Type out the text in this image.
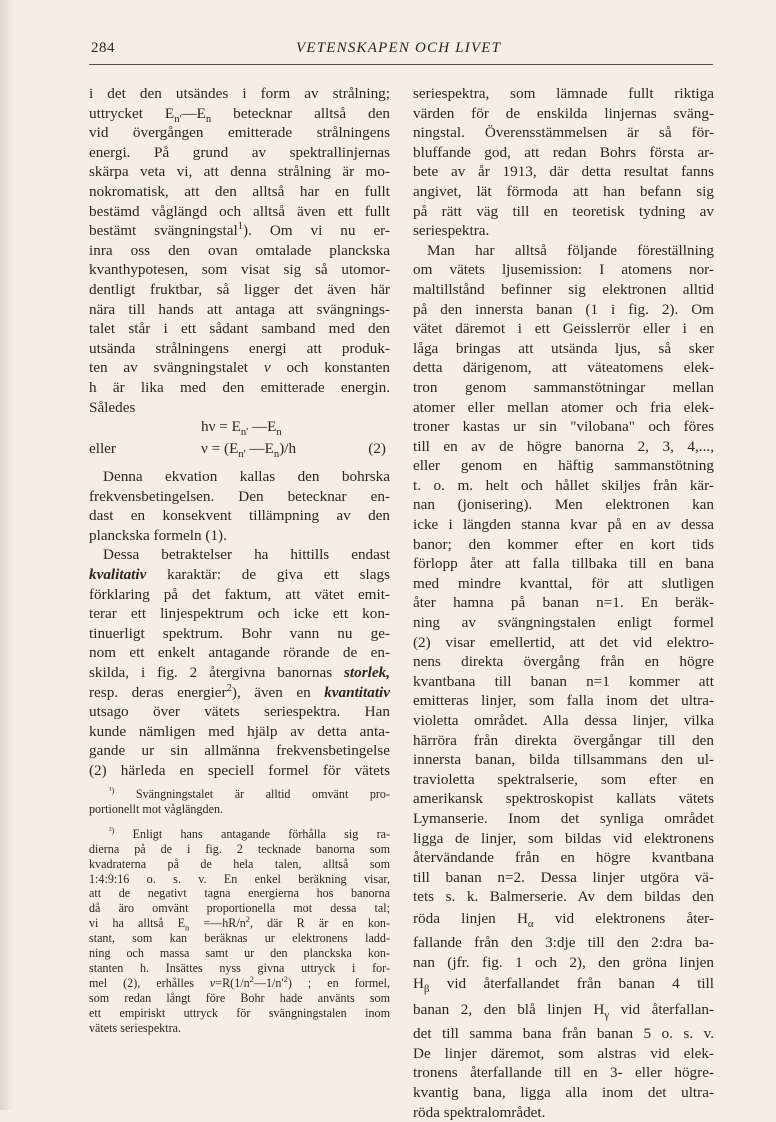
284	VETENSKAPEN OCH LIVET

i det den utsändes i form av strålning;
uttrycket $E_{n'}—E_n$ betecknar alltså den
vid övergången emitterade strålningens
energi. På grund av spektrallinjernas
skärpa veta vi, att denna strålning är mo-
nokromatisk, att den alltså har en fullt
bestämd våglängd och alltså även ett fullt
bestämt svängningstal$^1$). Om vi nu er-
inra oss den ovan omtalade planckska
kvanthypotesen, som visat sig så utomor-
dentligt fruktbar, så ligger det även här
nära till hands att antaga att svängnings-
talet står i ett sådant samband med den
utsända strålningens energi att produk-
ten av svängningstalet ν och konstanten
h är lika med den emitterade energin.
Således

$h\nu = E_{n'}$ $—E_n$
eller	$\nu = (E_{n'}$ $—E_n)/h$	(2)

Denna ekvation kallas den bohrska
frekvensbetingelsen. Den betecknar en-
dast en konsekvent tillämpning av den
planckska formeln (1).

Dessa betraktelser ha hittills endast
kvalitativ karaktär: de giva ett slags
förklaring på det faktum, att vätet emit-
terar ett linjespektrum och icke ett kon-
tinuerligt spektrum. Bohr vann nu ge-
nom ett enkelt antagande rörande de en-
skilda, i fig. 2 återgivna banornas storlek,
resp. deras energier$^2$), även en kvantitativ
utsago över vätets seriespektra. Han
kunde nämligen med hjälp av detta anta-
gande ur sin allmänna frekvensbetingelse
(2) härleda en speciell formel för vätets

$^{^1)}$ Svängningstalet är alltid omvänt pro-
portionellt mot våglängden.

$^{^2)}$ Enligt hans antagande förhålla sig ra-
dierna på de i fig. 2 tecknade banorna som
kvadraterna på de hela talen, alltså som
1:4:9:16 o. s. v. En enkel beräkning visar,
att de negativt tagna energierna hos banorna
då äro omvänt proportionella mot dessa tal;
vi ha alltså $E_n$ $=—hR/n^2$, där R är en kon-
stant, som kan beräknas ur elektronens ladd-
ning och massa samt ur den planckska kon-
stanten h. Insättes nyss givna uttryck i for-
mel (2), erhålles $\nu=R(1/n^2—1/n'^2)$ ; en formel,
som redan långt före Bohr hade använts som
ett empiriskt uttryck för svängningstalen inom
vätets seriespektra.

seriespektra, som lämnade fullt riktiga
värden för de enskilda linjernas sväng-
ningstal. Överensstämmelsen är så för-
bluffande god, att redan Bohrs första ar-
bete av år 1913, där detta resultat fanns
angivet, lät förmoda att han befann sig
på rätt väg till en teoretisk tydning av
seriespektra.

Man har alltså följande föreställning
om vätets ljusemission: I atomens nor-
maltillstånd befinner sig elektronen alltid
på den innersta banan (1 i fig. 2). Om
vätet däremot i ett Geisslerrör eller i en
låga bringas att utsända ljus, så sker
detta därigenom, att väteatomens elek-
tron genom sammanstötningar mellan
atomer eller mellan atomer och fria elek-
troner kastas ur sin "vilobana" och föres
till en av de högre banorna 2, 3, 4,...,
eller genom en häftig sammanstötning
t. o. m. helt och hållet skiljes från kär-
nan (jonisering). Men elektronen kan
icke i längden stanna kvar på en av dessa
banor; den kommer efter en kort tids
förlopp åter att falla tillbaka till en bana
med mindre kvanttal, för att slutligen
åter hamna på banan n=1. En beräk-
ning av svängningstalen enligt formel
(2) visar emellertid, att det vid elektro-
nens direkta övergång från en högre
kvantbana till banan n=1 kommer att
emitteras linjer, som falla inom det ultra-
violetta området. Alla dessa linjer, vilka
härröra från direkta övergångar till den
innersta banan, bilda tillsammans den ul-
travioletta spektralserie, som efter en
amerikansk spektroskopist kallats vätets
Lymanserie. Inom det synliga området
ligga de linjer, som bildas vid elektronens
återvändande från en högre kvantbana
till banan n=2. Dessa linjer utgöra vä-
tets s. k. Balmerserie. Av dem bildas den
röda linjen $H_\alpha$ vid elektronens åter-
fallande från den 3:dje till den 2:dra ba-
nan (jfr. fig. 1 och 2), den gröna linjen
$H_\beta$ vid återfallandet från banan 4 till
banan 2, den blå linjen $H_\gamma$ vid återfallan-
det till samma bana från banan 5 o. s. v.
De linjer däremot, som alstras vid elek-
tronens återfallande till en 3- eller högre-
kvantig bana, ligga alla inom det ultra-
röda spektralområdet.
